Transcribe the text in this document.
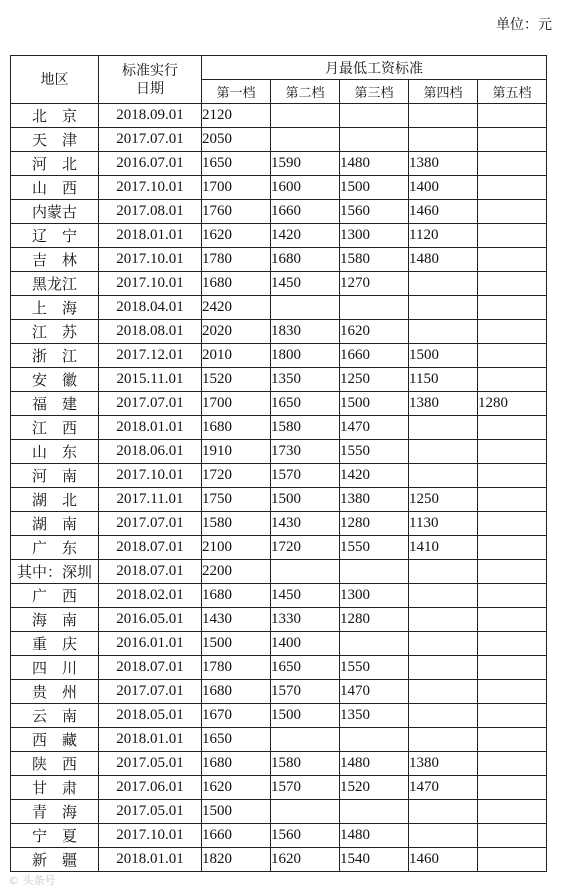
单位：元
地区	标准实行
日期	月最低工资标准				
		第一档	第二档	第三档	第四档	第五档
北　京	2018.09.01	2120				
天　津	2017.07.01	2050				
河　北	2016.07.01	1650	1590	1480	1380	
山　西	2017.10.01	1700	1600	1500	1400	
内蒙古	2017.08.01	1760	1660	1560	1460	
辽　宁	2018.01.01	1620	1420	1300	1120	
吉　林	2017.10.01	1780	1680	1580	1480	
黑龙江	2017.10.01	1680	1450	1270		
上　海	2018.04.01	2420				
江　苏	2018.08.01	2020	1830	1620		
浙　江	2017.12.01	2010	1800	1660	1500	
安　徽	2015.11.01	1520	1350	1250	1150	
福　建	2017.07.01	1700	1650	1500	1380	1280
江　西	2018.01.01	1680	1580	1470		
山　东	2018.06.01	1910	1730	1550		
河　南	2017.10.01	1720	1570	1420		
湖　北	2017.11.01	1750	1500	1380	1250	
湖　南	2017.07.01	1580	1430	1280	1130	
广　东	2018.07.01	2100	1720	1550	1410	
其中：深圳	2018.07.01	2200				
广　西	2018.02.01	1680	1450	1300		
海　南	2016.05.01	1430	1330	1280		
重　庆	2016.01.01	1500	1400			
四　川	2018.07.01	1780	1650	1550		
贵　州	2017.07.01	1680	1570	1470		
云　南	2018.05.01	1670	1500	1350		
西　藏	2018.01.01	1650				
陕　西	2017.05.01	1680	1580	1480	1380	
甘　肃	2017.06.01	1620	1570	1520	1470	
青　海	2017.05.01	1500				
宁　夏	2017.10.01	1660	1560	1480		
新　疆	2018.01.01	1820	1620	1540	1460	
© 头条号
